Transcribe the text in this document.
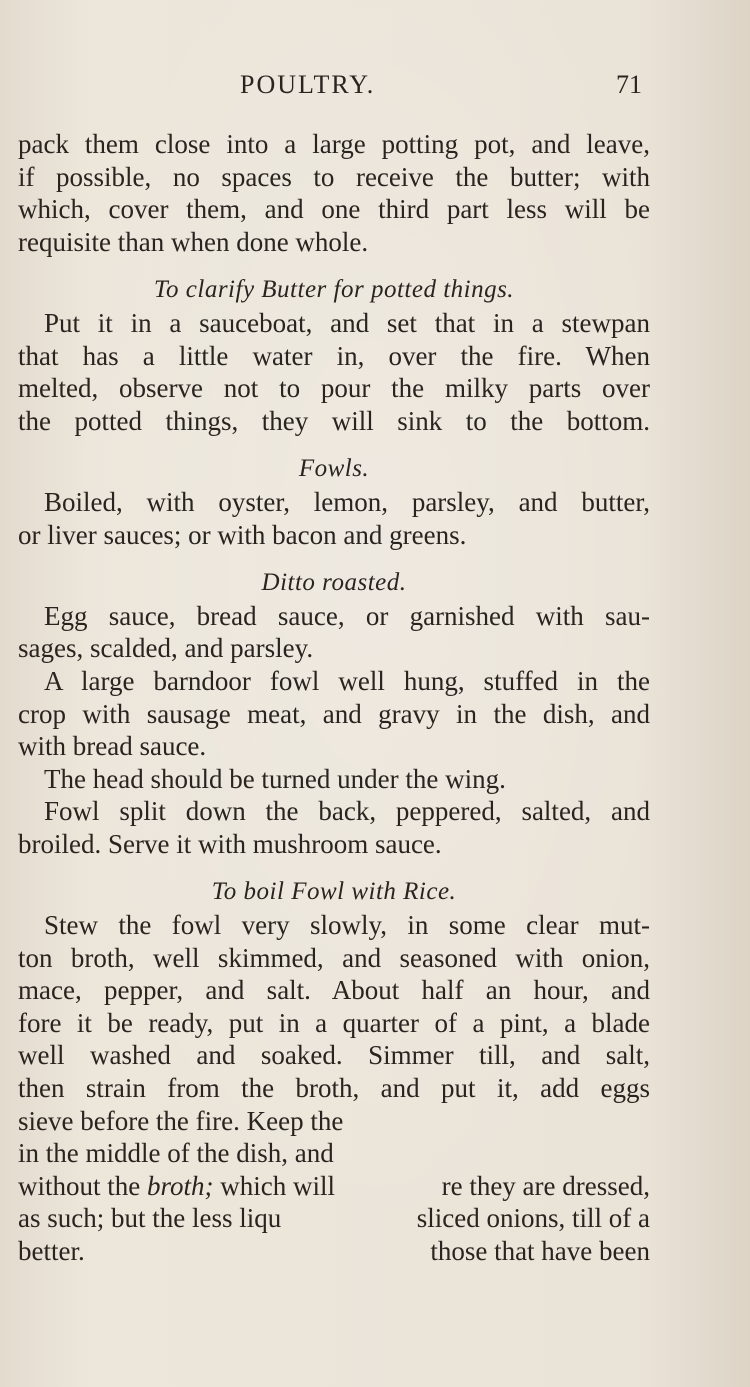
POULTRY.	71
pack them close into a large potting pot, and leave,
if possible, no spaces to receive the butter; with
which, cover them, and one third part less will be
requisite than when done whole.
To clarify Butter for potted things.
Put it in a sauceboat, and set that in a stewpan
that has a little water in, over the fire. When
melted, observe not to pour the milky parts over
the potted things, they will sink to the bottom.
Fowls.
Boiled, with oyster, lemon, parsley, and butter,
or liver sauces; or with bacon and greens.
Ditto roasted.
Egg sauce, bread sauce, or garnished with sau-
sages, scalded, and parsley.
A large barndoor fowl well hung, stuffed in the
crop with sausage meat, and gravy in the dish, and
with bread sauce.
The head should be turned under the wing.
Fowl split down the back, peppered, salted, and
broiled. Serve it with mushroom sauce.
To boil Fowl with Rice.
Stew the fowl very slowly, in some clear mut-
ton broth, well skimmed, and seasoned with onion,
mace, pepper, and salt. About half an hour, and
fore it be ready, put in a quarter of a pint, a blade
well washed and soaked. Simmer till, and salt,
then strain from the broth, and put it, add eggs
sieve before the fire. Keep the
in the middle of the dish, and
without the broth; which will	re they are dressed,
as such; but the less liqu	sliced onions, till of a
better.	those that have been
